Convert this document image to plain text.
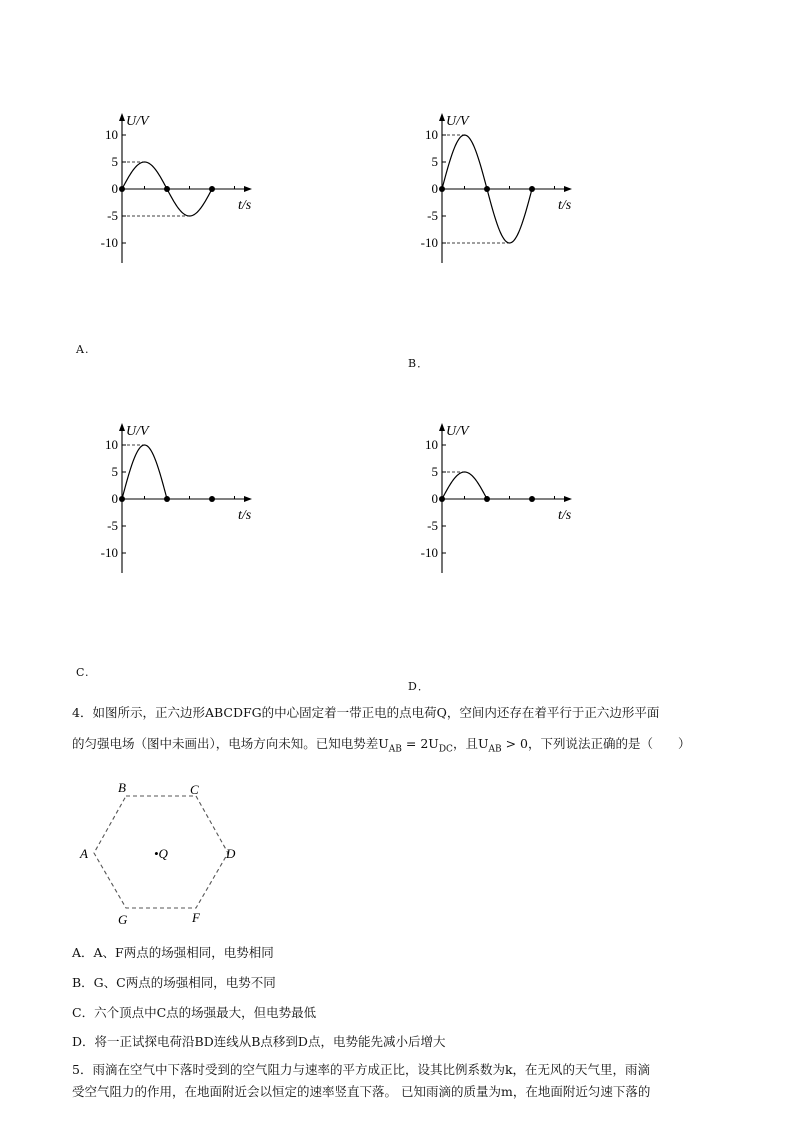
10
5
0
-5
-10
U/V
t/s
10
5
0
-5
-10
U/V
t/s
10
5
0
-5
-10
U/V
t/s
10
5
0
-5
-10
U/V
t/s
A.
B．
C.
D．
4．如图所示，正六边形ABCDFG的中心固定着一带正电的点电荷Q，空间内还存在着平行于正六边形平面
的匀强电场（图中未画出），电场方向未知。已知电势差$U_{AB} = 2U_{DC}$，且$U_{AB} > 0$，下列说法正确的是（　　）
B	C
A	D
G	F
•Q
A．A、F两点的场强相同，电势相同
B．G、C两点的场强相同，电势不同
C．六个顶点中C点的场强最大，但电势最低
D．将一正试探电荷沿BD连线从B点移到D点，电势能先减小后增大
5．雨滴在空气中下落时受到的空气阻力与速率的平方成正比，设其比例系数为k，在无风的天气里，雨滴
受空气阻力的作用，在地面附近会以恒定的速率竖直下落。 已知雨滴的质量为m，在地面附近匀速下落的
